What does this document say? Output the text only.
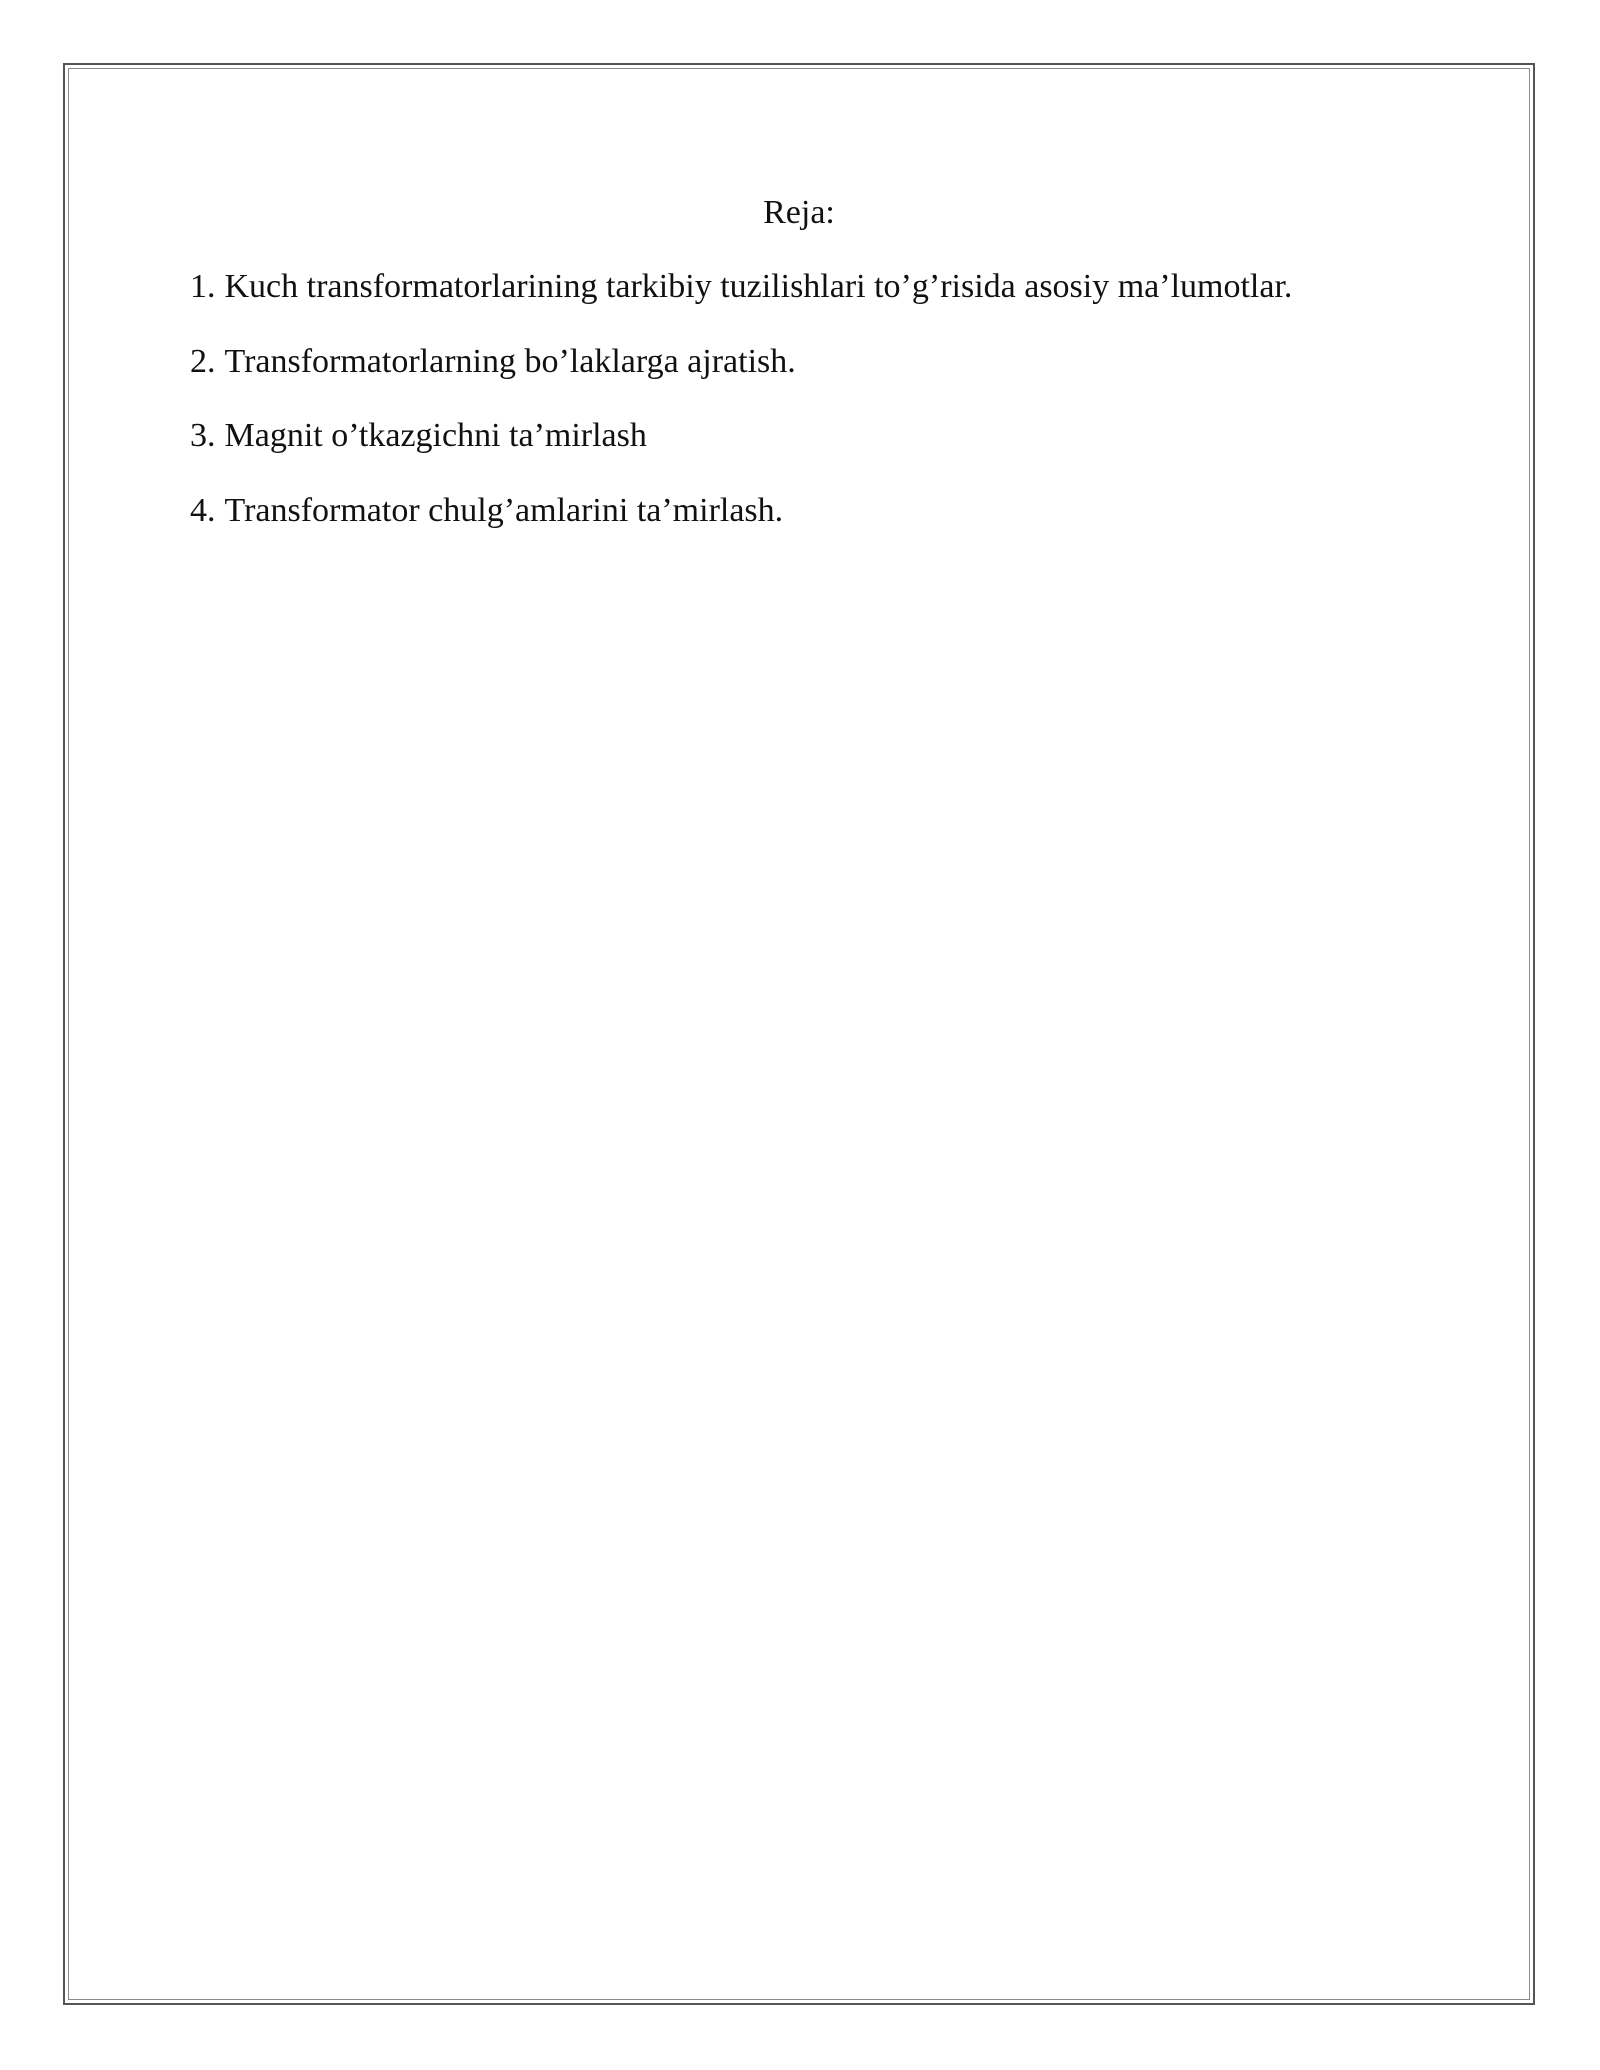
Reja:
1. Kuch transformatorlarining tarkibiy tuzilishlari to’g’risida asosiy ma’lumotlar.
2. Transformatorlarning bo’laklarga ajratish.
3. Magnit o’tkazgichni ta’mirlash
4. Transformator chulg’amlarini ta’mirlash.
